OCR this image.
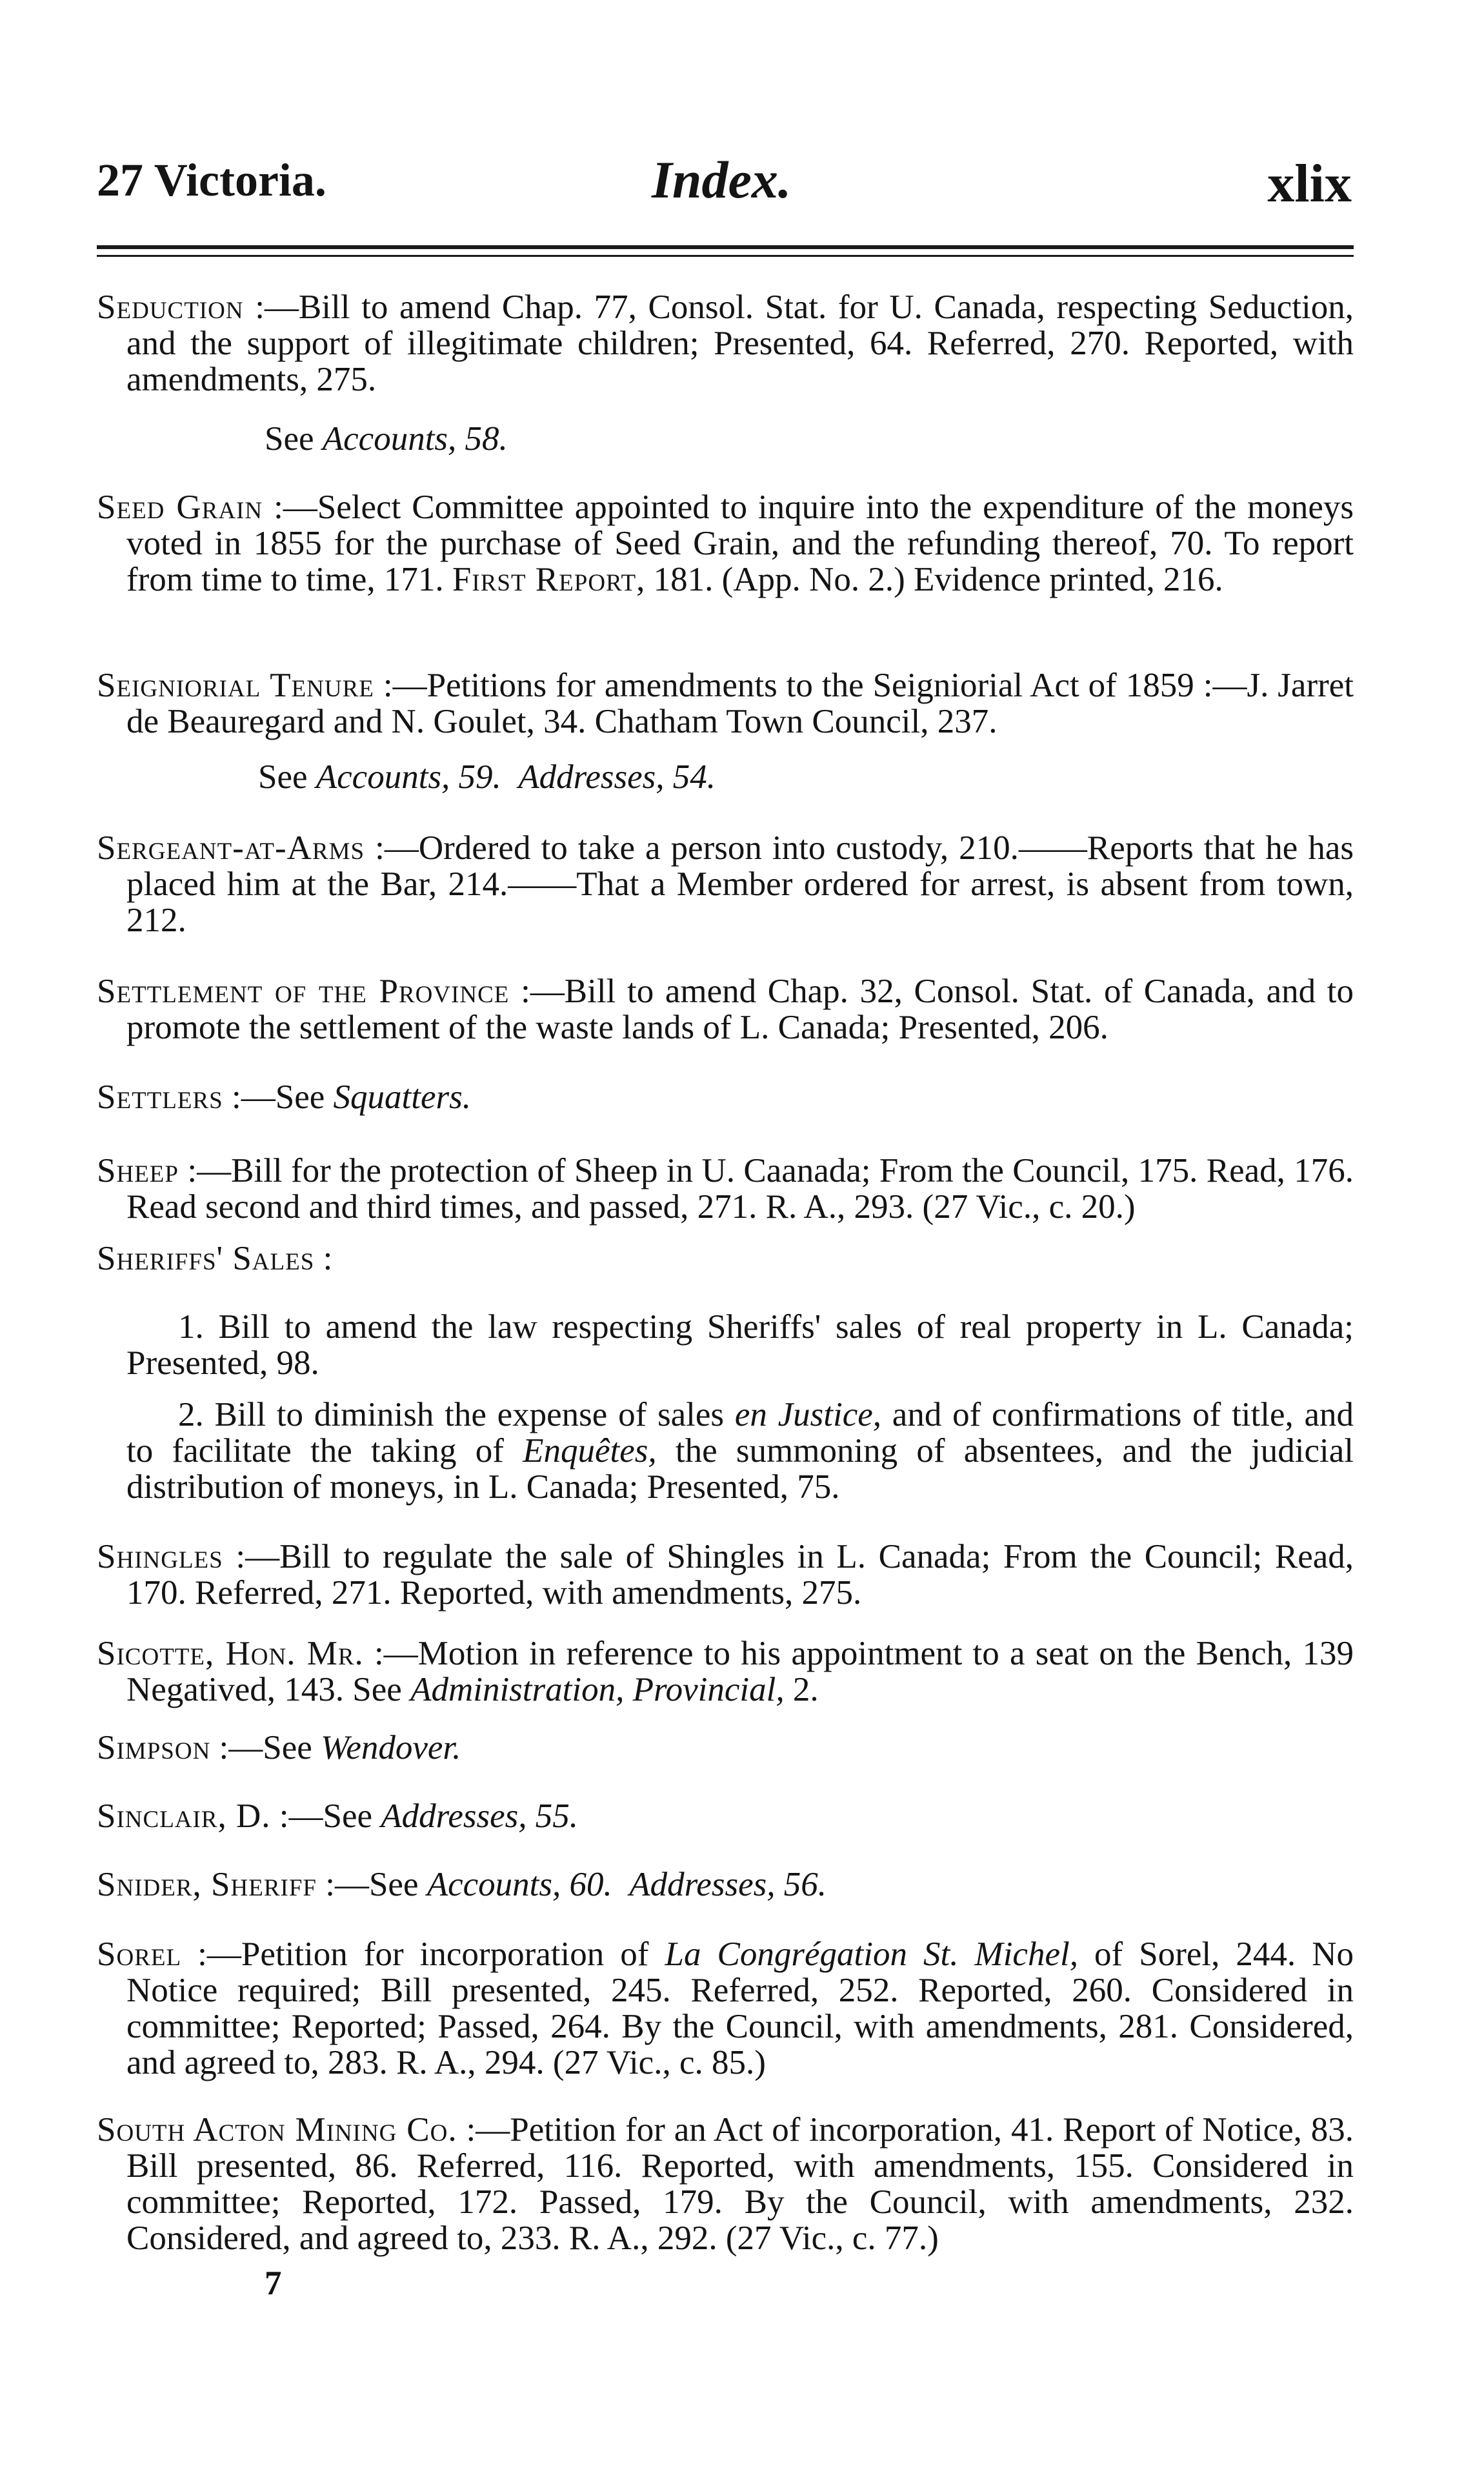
27 Victoria.	Index.	xlix
Seduction :—Bill to amend Chap. 77, Consol. Stat. for U. Canada, respecting Seduction, and the support of illegitimate children; Presented, 64. Referred, 270. Reported, with amendments, 275.
See Accounts, 58.
Seed Grain :—Select Committee appointed to inquire into the expenditure of the moneys voted in 1855 for the purchase of Seed Grain, and the refunding thereof, 70. To report from time to time, 171. First Report, 181. (App. No. 2.) Evidence printed, 216.
Seigniorial Tenure :—Petitions for amendments to the Seigniorial Act of 1859 :—J. Jarret de Beauregard and N. Goulet, 34. Chatham Town Council, 237.
See Accounts, 59. Addresses, 54.
Sergeant-at-Arms :—Ordered to take a person into custody, 210.——Reports that he has placed him at the Bar, 214.——That a Member ordered for arrest, is absent from town, 212.
Settlement of the Province :—Bill to amend Chap. 32, Consol. Stat. of Canada, and to promote the settlement of the waste lands of L. Canada; Presented, 206.
Settlers :—See Squatters.
Sheep :—Bill for the protection of Sheep in U. Caanada; From the Council, 175. Read, 176. Read second and third times, and passed, 271. R. A., 293. (27 Vic., c. 20.)
Sheriffs' Sales :
1. Bill to amend the law respecting Sheriffs' sales of real property in L. Canada; Presented, 98.
2. Bill to diminish the expense of sales en Justice, and of confirmations of title, and to facilitate the taking of Enquêtes, the summoning of absentees, and the judicial distribution of moneys, in L. Canada; Presented, 75.
Shingles :—Bill to regulate the sale of Shingles in L. Canada; From the Council; Read, 170. Referred, 271. Reported, with amendments, 275.
Sicotte, Hon. Mr. :—Motion in reference to his appointment to a seat on the Bench, 139 Negatived, 143. See Administration, Provincial, 2.
Simpson :—See Wendover.
Sinclair, D. :—See Addresses, 55.
Snider, Sheriff :—See Accounts, 60. Addresses, 56.
Sorel :—Petition for incorporation of La Congrégation St. Michel, of Sorel, 244. No Notice required; Bill presented, 245. Referred, 252. Reported, 260. Considered in committee; Reported; Passed, 264. By the Council, with amendments, 281. Considered, and agreed to, 283. R. A., 294. (27 Vic., c. 85.)
South Acton Mining Co. :—Petition for an Act of incorporation, 41. Report of Notice, 83. Bill presented, 86. Referred, 116. Reported, with amendments, 155. Considered in committee; Reported, 172. Passed, 179. By the Council, with amendments, 232. Considered, and agreed to, 233. R. A., 292. (27 Vic., c. 77.)
7
